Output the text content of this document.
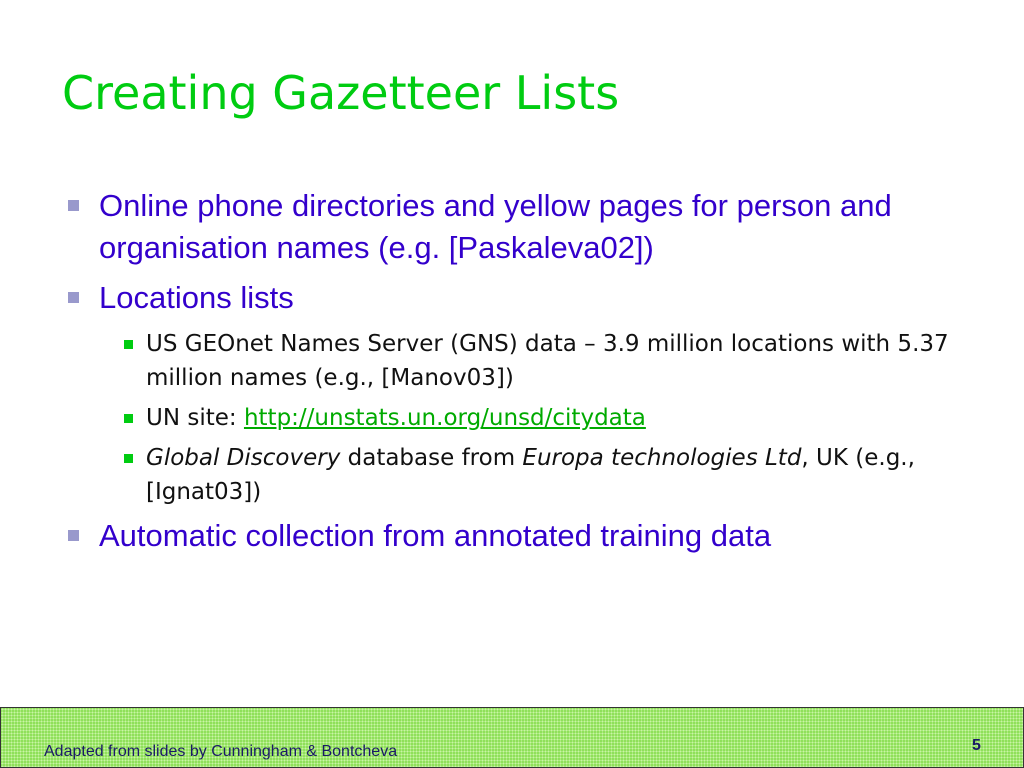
Creating Gazetteer Lists
Online phone directories and yellow pages for person and organisation names (e.g. [Paskaleva02])
Locations lists
US GEOnet Names Server (GNS) data – 3.9 million locations with 5.37 million names (e.g., [Manov03])
UN site: http://unstats.un.org/unsd/citydata
Global Discovery database from Europa technologies Ltd, UK (e.g., [Ignat03])
Automatic collection from annotated training data
Adapted from slides by Cunningham & Bontcheva	5
